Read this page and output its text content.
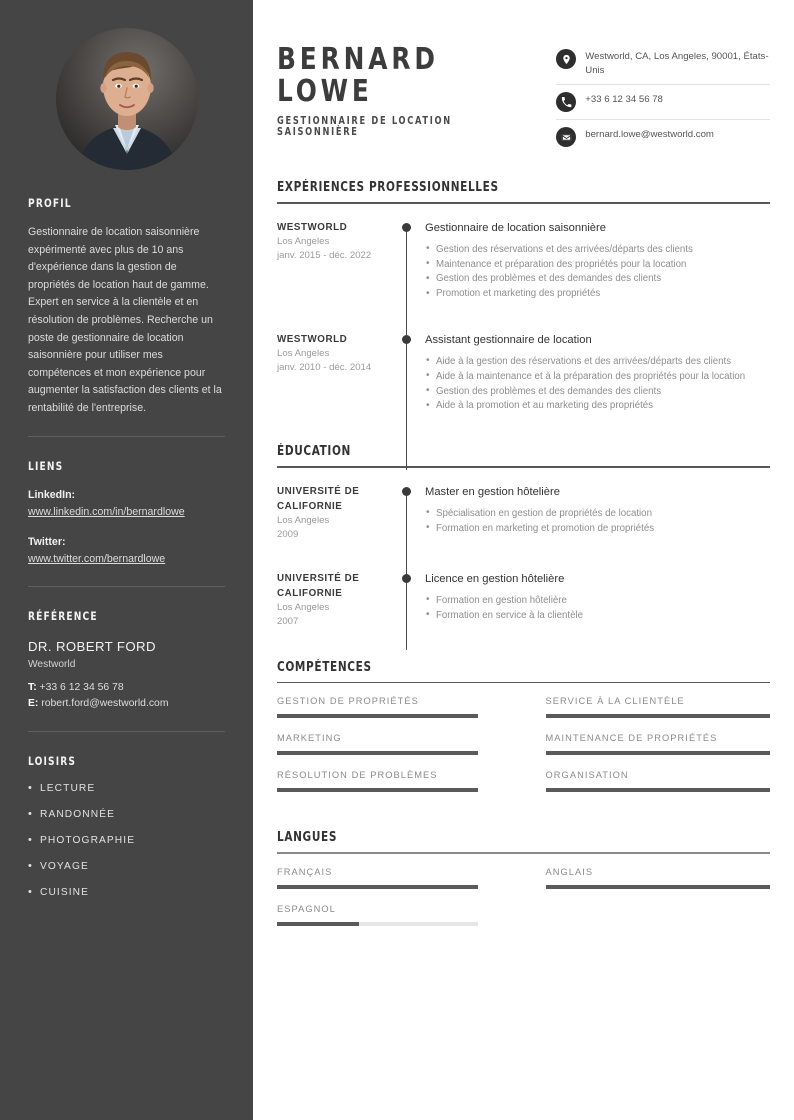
PROFIL

Gestionnaire de location saisonnière expérimenté avec plus de 10 ans d'expérience dans la gestion de propriétés de location haut de gamme. Expert en service à la clientèle et en résolution de problèmes. Recherche un poste de gestionnaire de location saisonnière pour utiliser mes compétences et mon expérience pour augmenter la satisfaction des clients et la rentabilité de l'entreprise.

LIENS
LinkedIn:
www.linkedin.com/in/bernardlowe
Twitter:
www.twitter.com/bernardlowe
RÉFÉRENCE
DR. ROBERT FORD
Westworld
T: +33 6 12 34 56 78
E: robert.ford@westworld.com
LOISIRS
• LECTURE
• RANDONNÉE
• PHOTOGRAPHIE
• VOYAGE
• CUISINE
BERNARD
LOWE
GESTIONNAIRE DE LOCATION SAISONNIÈRE
Westworld, CA, Los Angeles, 90001, États-Unis
+33 6 12 34 56 78
bernard.lowe@westworld.com
EXPÉRIENCES PROFESSIONNELLES
WESTWORLD
Los Angeles
janv. 2015 - déc. 2022
Gestionnaire de location saisonnière
• Gestion des réservations et des arrivées/départs des clients
• Maintenance et préparation des propriétés pour la location
• Gestion des problèmes et des demandes des clients
• Promotion et marketing des propriétés
WESTWORLD
Los Angeles
janv. 2010 - déc. 2014
Assistant gestionnaire de location
• Aide à la gestion des réservations et des arrivées/départs des clients
• Aide à la maintenance et à la préparation des propriétés pour la location
• Gestion des problèmes et des demandes des clients
• Aide à la promotion et au marketing des propriétés
ÉDUCATION
UNIVERSITÉ DE CALIFORNIE
Los Angeles
2009
Master en gestion hôtelière
• Spécialisation en gestion de propriétés de location
• Formation en marketing et promotion de propriétés
UNIVERSITÉ DE CALIFORNIE
Los Angeles
2007
Licence en gestion hôtelière
• Formation en gestion hôtelière
• Formation en service à la clientèle
COMPÉTENCES
GESTION DE PROPRIÉTÉS	SERVICE À LA CLIENTÈLE
MARKETING	MAINTENANCE DE PROPRIÉTÉS
RÉSOLUTION DE PROBLÈMES	ORGANISATION
LANGUES
FRANÇAIS	ANGLAIS
ESPAGNOL
